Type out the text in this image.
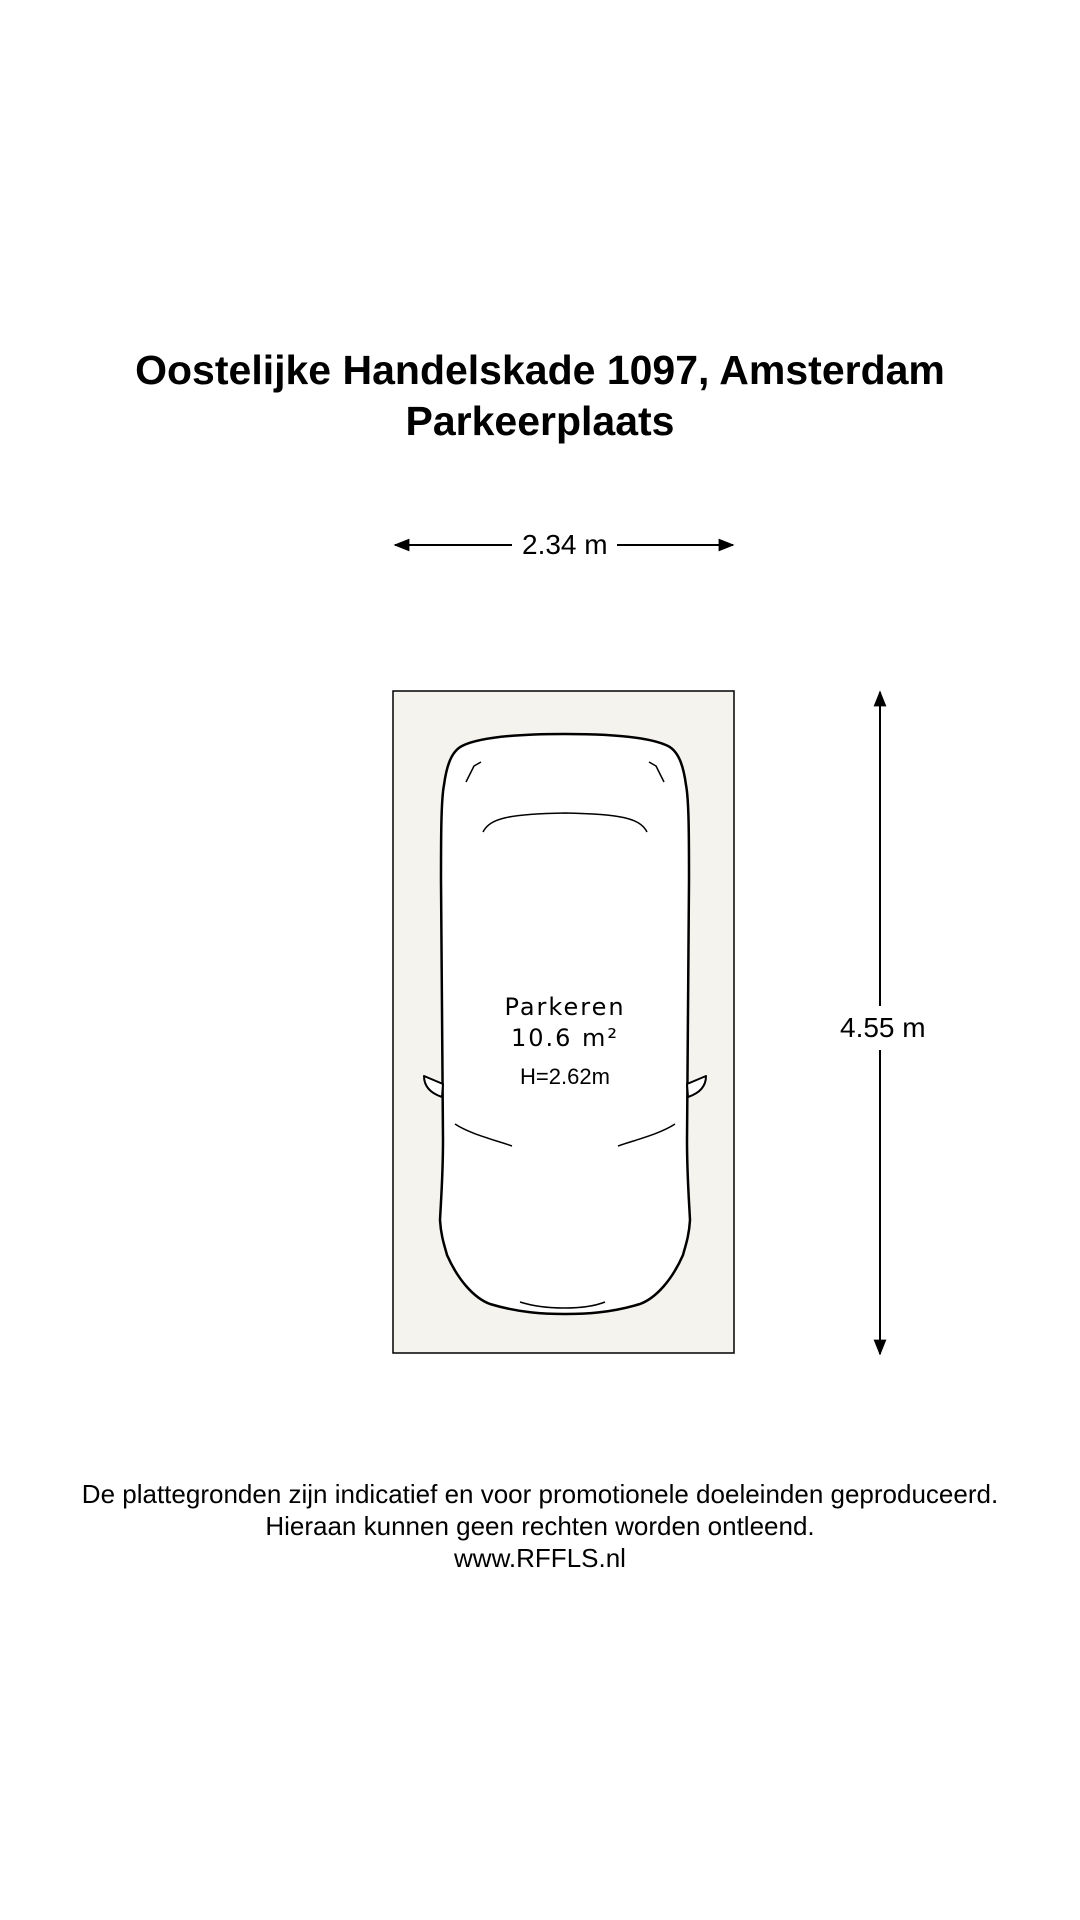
Oostelijke Handelskade 1097, Amsterdam
Parkeerplaats
2.34 m
4.55 m
Parkeren
10.6 m²
H=2.62m

De plattegronden zijn indicatief en voor promotionele doeleinden geproduceerd.

Hieraan kunnen geen rechten worden ontleend.

www.RFFLS.nl
